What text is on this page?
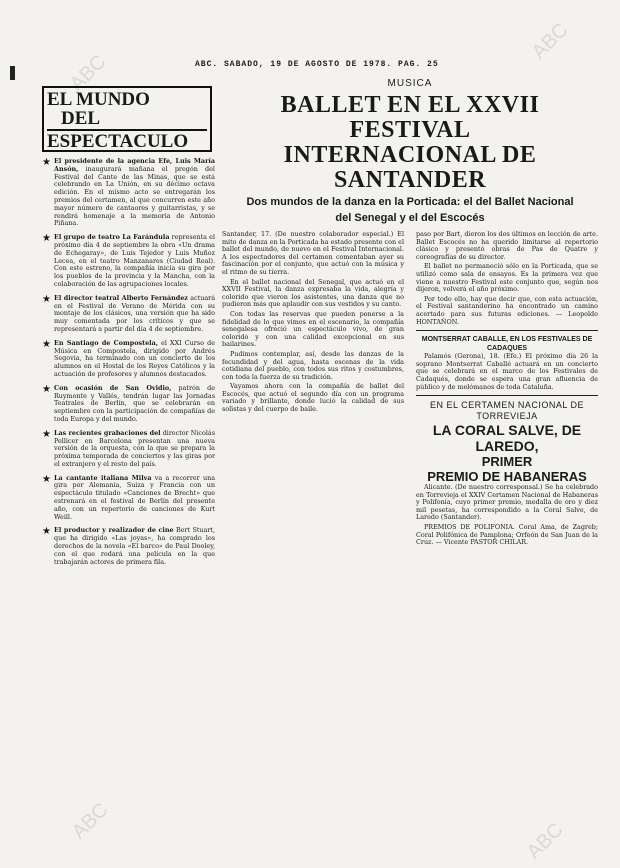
ABC. SABADO, 19 DE AGOSTO DE 1978. PAG. 25
ABC
ABC
ABC	ABC
EL MUNDO
DEL
ESPECTACULO
★ El presidente de la agencia Efe, Luis María Ansón, inaugurará mañana el pregón del Festival del Cante de las Minas, que se está celebrando en La Unión, en su décimo octava edición. En el mismo acto se entregarán los premios del certamen, al que concurren este año mayor número de cantaores y guitarristas, y se rendirá homenaje a la memoria de Antonio Piñana.
★ El grupo de teatro La Farándula representa el próximo día 4 de septiembre la obra «Un drama de Echegaray», de Luis Tejedor y Luis Muñoz Lecea, en el teatro Manzanares (Ciudad Real). Con este estreno, la compañía inicia su gira por los pueblos de la provincia y la Mancha, con la colaboración de las agrupaciones locales.
★ El director teatral Alberto Fernández actuará en el Festival de Verano de Mérida con su montaje de los clásicos, una versión que ha sido muy comentada por los críticos y que se representará a partir del día 4 de septiembre.
★ En Santiago de Compostela, el XXI Curso de Música en Compostela, dirigido por Andrés Segovia, ha terminado con un concierto de los alumnos en el Hostal de los Reyes Católicos y la actuación de profesores y alumnos destacados.
★ Con ocasión de San Ovidio, patrón de Ruymonte y Vallés, tendrán lugar las Jornadas Teatrales de Berlín, que se celebrarán en septiembre con la participación de compañías de toda Europa y del mundo.
★ Las recientes grabaciones del director Nicolás Pellicer en Barcelona presentan una nueva versión de la orquesta, con la que se prepara la próxima temporada de conciertos y las giras por el extranjero y el resto del país.
★ La cantante italiana Milva va a recorrer una gira por Alemania, Suiza y Francia con un espectáculo titulado «Canciones de Brecht» que estrenará en el festival de Berlín del presente año, con un repertorio de canciones de Kurt Weill.
★ El productor y realizador de cine Bert Stuart, que ha dirigido «Las joyas», ha comprado los derechos de la novela «El barco» de Paul Dooley, con el que rodará una película en la que trabajarán actores de primera fila.
MUSICA
BALLET EN EL XXVII FESTIVAL
INTERNACIONAL DE SANTANDER
Dos mundos de la danza en la Porticada: el del Ballet Nacional
del Senegal y el del Escocés

Santander, 17. (De nuestro colaborador especial.) El mito de danza en la Porticada ha estado presente con el ballet del mundo, de nuevo en el Festival Internacional. A los espectadores del certamen comentaban ayer su fascinación por el conjunto, que actuó con la música y el ritmo de su tierra.

En el ballet nacional del Senegal, que actuó en el XXVII Festival, la danza expresaba la vida, alegría y colorido que vieron los asistentes, una danza que no pudieron más que aplaudir con sus vestidos y su canto.

Con todas las reservas que pueden ponerse a la fidelidad de lo que vimos en el escenario, la compañía senegalesa ofreció un espectáculo vivo, de gran colorido y con una calidad excepcional en sus bailarines.

Pudimos contemplar, así, desde las danzas de la fecundidad y del agua, hasta escenas de la vida cotidiana del pueblo, con todos sus ritos y costumbres, con toda la fuerza de su tradición.

Vayamos ahora con la compañía de ballet del Escocés, que actuó el segundo día con un programa variado y brillante, donde lució la calidad de sus solistas y del cuerpo de baile.

paso por Bart, dieron los dos últimos en lección de arte. Ballet Escocés no ha querido limitarse al repertorio clásico y presentó obras de Pas de Quatre y coreografías de su director.

El ballet no permaneció sólo en la Porticada, que se utilizó como sala de ensayos. Es la primera vez que viene a nuestro Festival este conjunto que, según nos dijeron, volverá el año próximo.

Por todo ello, hay que decir que, con esta actuación, el Festival santanderino ha encontrado un camino acertado para sus futuras ediciones. — Leopoldo HONTAÑON.

MONTSERRAT CABALLE, EN LOS FESTIVALES DE CADAQUES

Palamós (Gerona), 18. (Efe.) El próximo día 26 la soprano Montserrat Caballé actuará en un concierto que se celebrará en el marco de los Festivales de Cadaqués, donde se espera una gran afluencia de público y de melómanos de toda Cataluña.

EN EL CERTAMEN NACIONAL DE TORREVIEJA
LA CORAL SALVE, DE LAREDO,
PRIMER
PREMIO DE HABANERAS

Alicante. (De nuestro corresponsal.) Se ha celebrado en Torrevieja el XXIV Certamen Nacional de Habaneras y Polifonía, cuyo primer premio, medalla de oro y diez mil pesetas, ha correspondido a la Coral Salve, de Laredo (Santander).

PREMIOS DE POLIFONIA. Coral Ama, de Zagreb; Coral Polifónica de Pamplona; Orfeón de San Juan de la Cruz. — Vicente PASTOR CHILAR.
